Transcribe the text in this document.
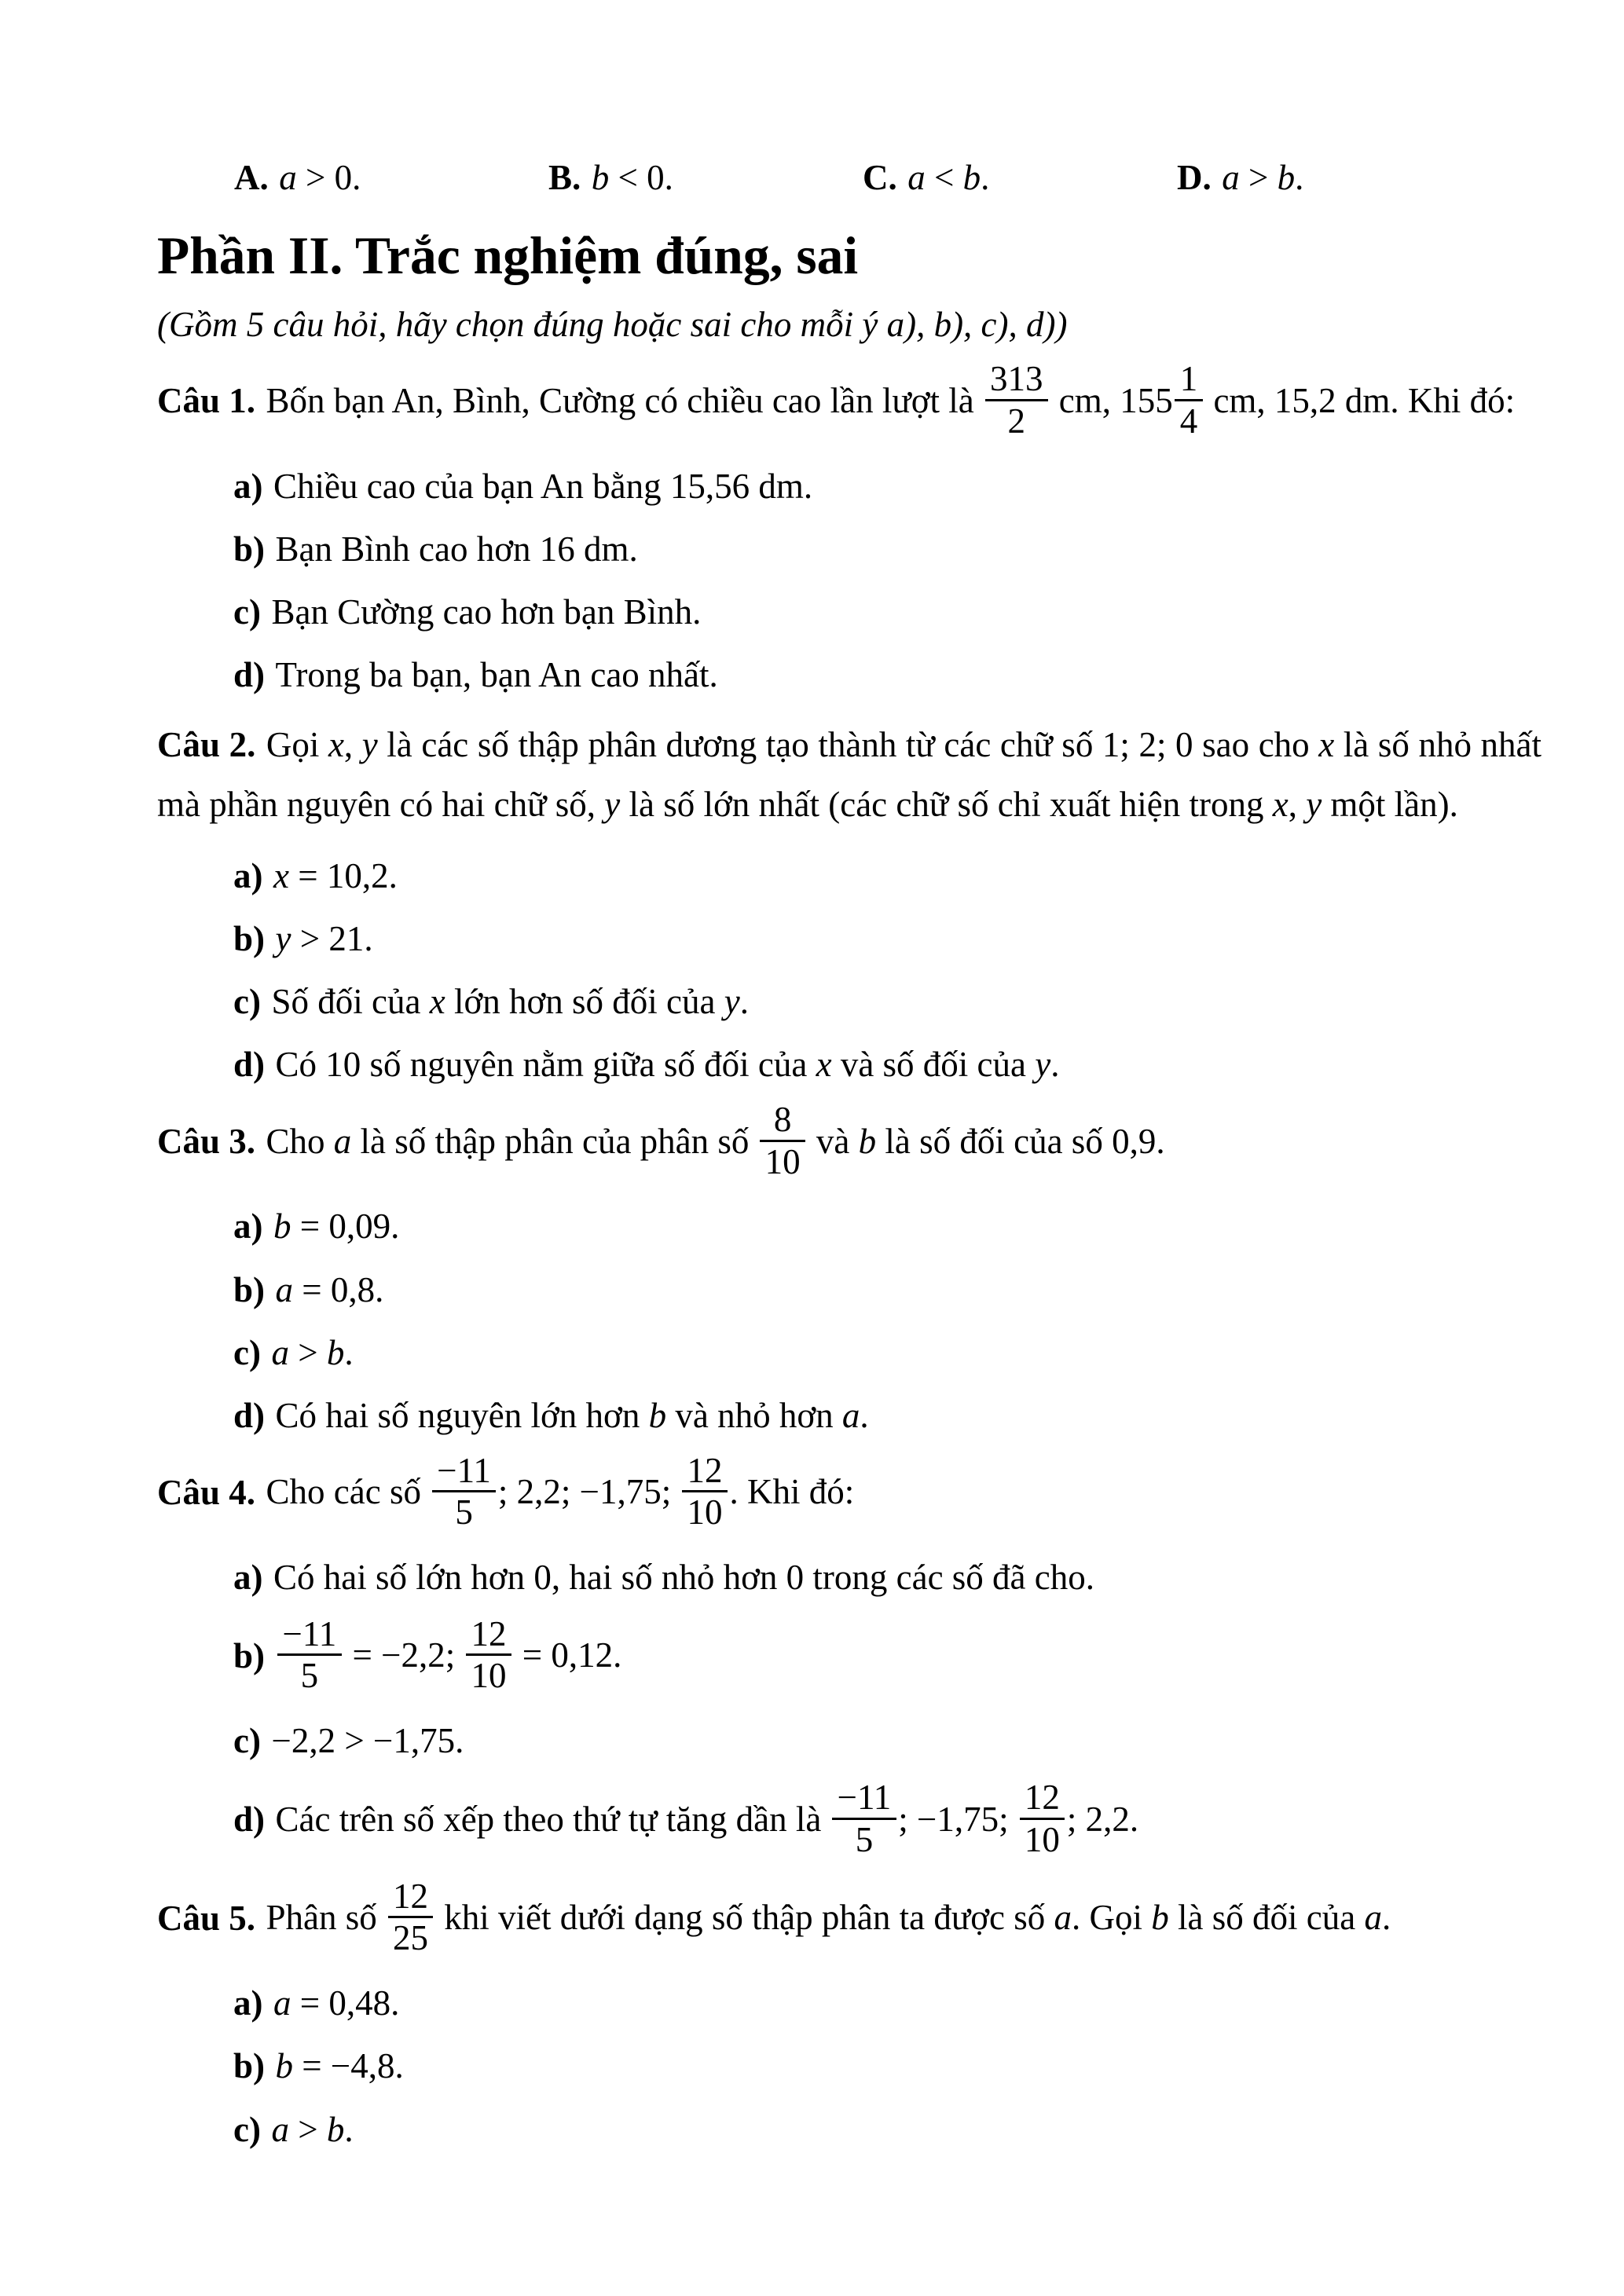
A. a > 0.	B. b < 0.	C. a < b.	D. a > b.
Phần II. Trắc nghiệm đúng, sai

(Gồm 5 câu hỏi, hãy chọn đúng hoặc sai cho mỗi ý a), b), c), d))

Câu 1. Bốn bạn An, Bình, Cường có chiều cao lần lượt là $\frac{313}{2}$ cm, $155 \frac{1}{4}$ cm, 15,2 dm. Khi đó:

a) Chiều cao của bạn An bằng 15,56 dm.

b) Bạn Bình cao hơn 16 dm.

c) Bạn Cường cao hơn bạn Bình.

d) Trong ba bạn, bạn An cao nhất.

Câu 2. Gọi x, y là các số thập phân dương tạo thành từ các chữ số 1; 2; 0 sao cho x là số nhỏ nhất mà phần nguyên có hai chữ số, y là số lớn nhất (các chữ số chỉ xuất hiện trong x, y một lần).

a) x = 10,2.

b) y > 21.

c) Số đối của x lớn hơn số đối của y.

d) Có 10 số nguyên nằm giữa số đối của x và số đối của y.

Câu 3. Cho a là số thập phân của phân số $\frac{8}{10}$ và b là số đối của số 0,9.

a) b = 0,09.

b) a = 0,8.

c) a > b.

d) Có hai số nguyên lớn hơn b và nhỏ hơn a.

Câu 4. Cho các số $\frac{-11}{5}$ ; 2,2; −1,75; $\frac{12}{10}$ . Khi đó:

a) Có hai số lớn hơn 0, hai số nhỏ hơn 0 trong các số đã cho.

$b) \frac{-11}{5} = -2,2$; $\frac{12}{10} = 0,12$.

c) −2,2 > −1,75.

d) Các trên số xếp theo thứ tự tăng dần là $\frac{-11}{5}$ ; −1,75; $\frac{12}{10}$ ; 2,2.

Câu 5. Phân số $\frac{12}{25}$ khi viết dưới dạng số thập phân ta được số a. Gọi b là số đối của a.

a) a = 0,48.

b) b = −4,8.

c) a > b.
